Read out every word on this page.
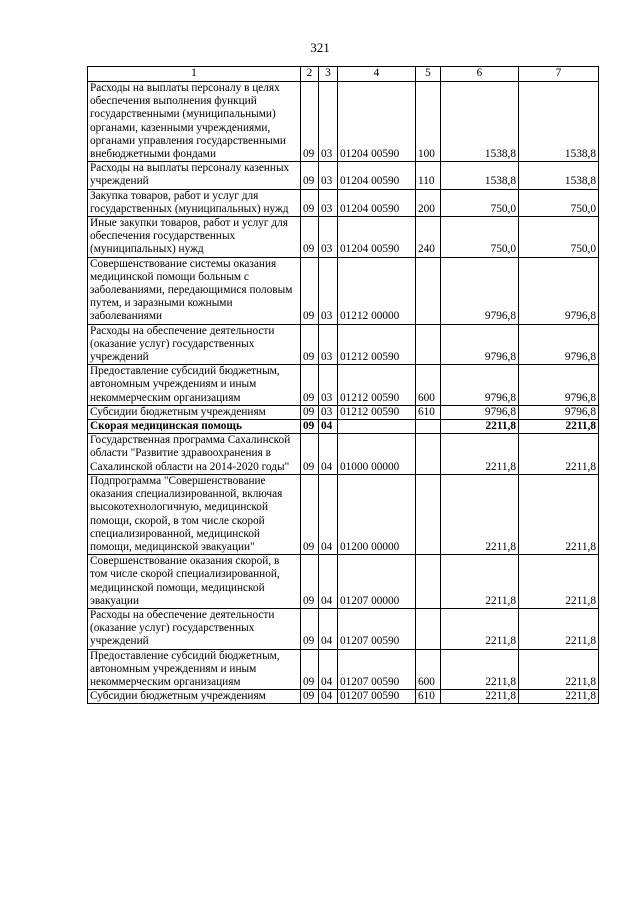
321
1	2	3	4	5	6	7
Расходы на выплаты персоналу в целях обеспечения выполнения функций государственными (муниципальными) органами, казенными учреждениями, органами управления государственными внебюджетными фондами	09	03	01204 00590	100	1538,8	1538,8
Расходы на выплаты персоналу казенных учреждений	09	03	01204 00590	110	1538,8	1538,8
Закупка товаров, работ и услуг для государственных (муниципальных) нужд	09	03	01204 00590	200	750,0	750,0
Иные закупки товаров, работ и услуг для обеспечения государственных (муниципальных) нужд	09	03	01204 00590	240	750,0	750,0
Совершенствование системы оказания медицинской помощи больным с заболеваниями, передающимися половым путем, и заразными кожными заболеваниями	09	03	01212 00000		9796,8	9796,8
Расходы на обеспечение деятельности (оказание услуг) государственных учреждений	09	03	01212 00590		9796,8	9796,8
Предоставление субсидий бюджетным, автономным учреждениям и иным некоммерческим организациям	09	03	01212 00590	600	9796,8	9796,8
Субсидии бюджетным учреждениям	09	03	01212 00590	610	9796,8	9796,8
Скорая медицинская помощь	09	04			2211,8	2211,8
Государственная программа Сахалинской области "Развитие здравоохранения в Сахалинской области на 2014-2020 годы"	09	04	01000 00000		2211,8	2211,8
Подпрограмма "Совершенствование оказания специализированной, включая высокотехнологичную, медицинской помощи, скорой, в том числе скорой специализированной, медицинской помощи, медицинской эвакуации"	09	04	01200 00000		2211,8	2211,8
Совершенствование оказания скорой, в том числе скорой специализированной, медицинской помощи, медицинской эвакуации	09	04	01207 00000		2211,8	2211,8
Расходы на обеспечение деятельности (оказание услуг) государственных учреждений	09	04	01207 00590		2211,8	2211,8
Предоставление субсидий бюджетным, автономным учреждениям и иным некоммерческим организациям	09	04	01207 00590	600	2211,8	2211,8
Субсидии бюджетным учреждениям	09	04	01207 00590	610	2211,8	2211,8
